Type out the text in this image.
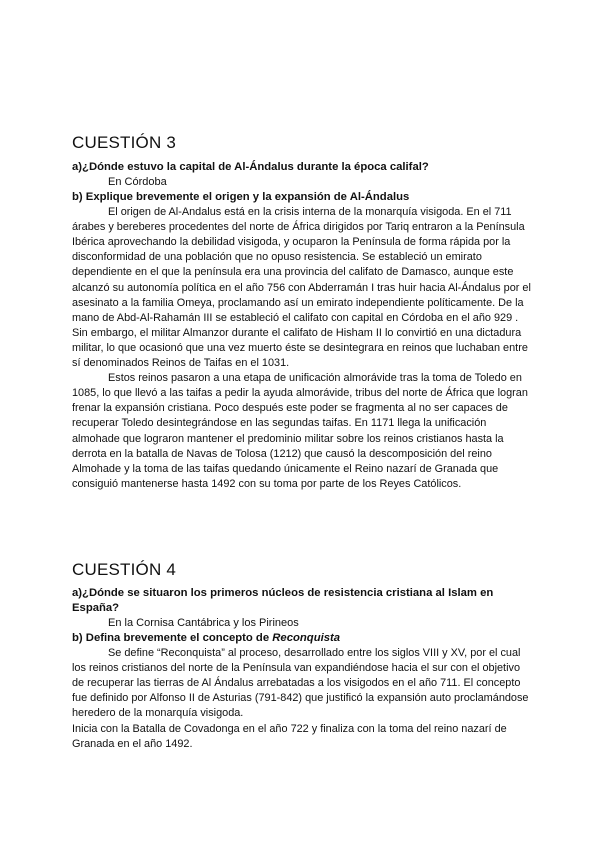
CUESTIÓN 3

a)¿Dónde estuvo la capital de Al-Ándalus durante la época califal?

En Córdoba

b) Explique brevemente el origen y la expansión de Al-Ándalus

El origen de Al-Andalus está en la crisis interna de la monarquía visigoda. En el 711 árabes y bereberes procedentes del norte de África dirigidos por Tariq entraron a la Península Ibérica aprovechando la debilidad visigoda, y ocuparon la Península de forma rápida por la disconformidad de una población que no opuso resistencia. Se estableció un emirato dependiente en el que la península era una provincia del califato de Damasco, aunque este alcanzó su autonomía política en el año 756 con Abderramán I tras huir hacia Al-Ándalus por el asesinato a la familia Omeya, proclamando así un emirato independiente políticamente. De la mano de Abd-Al-Rahamán III se estableció el califato con capital en Córdoba en el año 929 . Sin embargo, el militar Almanzor durante el califato de Hisham II lo convirtió en una dictadura militar, lo que ocasionó que una vez muerto éste se desintegrara en reinos que luchaban entre sí denominados Reinos de Taifas en el 1031.

Estos reinos pasaron a una etapa de unificación almorávide tras la toma de Toledo en 1085, lo que llevó a las taifas a pedir la ayuda almorávide, tribus del norte de África que logran frenar la expansión cristiana. Poco después este poder se fragmenta al no ser capaces de recuperar Toledo desintegrándose en las segundas taifas. En 1171 llega la unificación almohade que lograron mantener el predominio militar sobre los reinos cristianos hasta la derrota en la batalla de Navas de Tolosa (1212) que causó la descomposición del reino Almohade y la toma de las taifas quedando únicamente el Reino nazarí de Granada que consiguió mantenerse hasta 1492 con su toma por parte de los Reyes Católicos.

CUESTIÓN 4

a)¿Dónde se situaron los primeros núcleos de resistencia cristiana al Islam en España?

En la Cornisa Cantábrica y los Pirineos

b) Defina brevemente el concepto de Reconquista

Se define “Reconquista” al proceso, desarrollado entre los siglos VIII y XV, por el cual los reinos cristianos del norte de la Península van expandiéndose hacia el sur con el objetivo de recuperar las tierras de Al Ándalus arrebatadas a los visigodos en el año 711. El concepto fue definido por Alfonso II de Asturias (791-842) que justificó la expansión auto proclamándose heredero de la monarquía visigoda.

Inicia con la Batalla de Covadonga en el año 722 y finaliza con la toma del reino nazarí de Granada en el año 1492.
